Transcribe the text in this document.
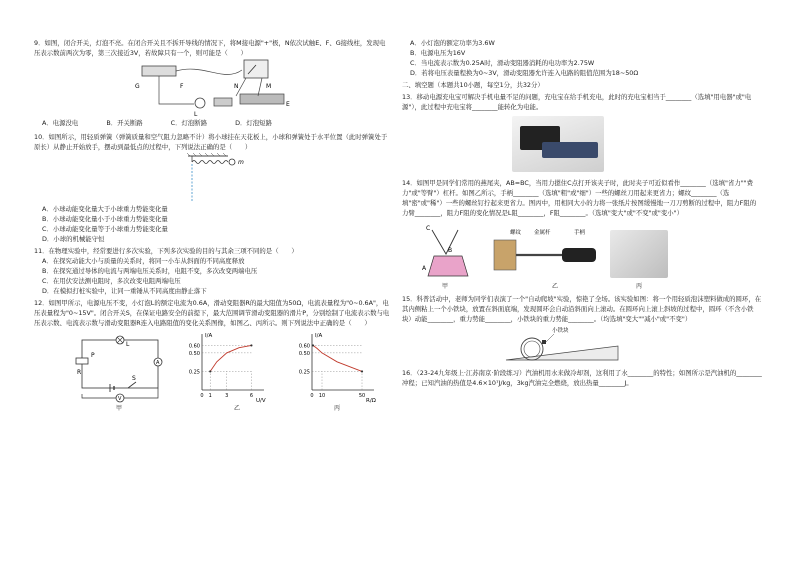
9．如图，闭合开关，灯泡不亮。在闭合开关且不拆开导线的情况下，将M接电源"+"极，N依次试触E、F、G接线柱，发现电压表示数前两次为零，第三次接近3V，若故障只有一个，则可能是（　　）

G	F
E
M
N
L
A．电源没电	B．开关断路	C．灯泡断路	D．灯泡短路

10．如图所示，用轻质弹簧（弹簧质量和空气阻力忽略不计）将小球挂在天花板上，小球和弹簧处于水平位置（此时弹簧处于原长）从静止开始放手，摆动到最低点的过程中，下列说法正确的是（　　）

m

A．小球动能变化量大于小球重力势能变化量

B．小球动能变化量小于小球重力势能变化量

C．小球动能变化量等于小球重力势能变化量

D．小球的机械能守恒

11．在物理实验中，经常要进行多次实验，下列多次实验的目的与其余三项不同的是（　　）

A．在探究动能大小与质量的关系时，将同一小车从斜面的不同高度释放

B．在探究通过导体的电流与两端电压关系时，电阻不变，多次改变两端电压

C．在用伏安法测电阻时，多次改变电阻两端电压

D．在模拟打桩实验中，让同一重锤从不同高度由静止落下

12．如图甲所示，电源电压不变，小灯泡L的额定电流为0.6A，滑动变阻器R的最大阻值为50Ω，电流表量程为"0~0.6A"，电压表量程为"0~15V"。闭合开关S，在保证电路安全的前提下，最大范围调节滑动变阻器的滑片P，分别绘制了电流表示数与电压表示数、电流表示数与滑动变阻器R连入电路阻值的变化关系图像，如图乙、丙所示。则下列说法中正确的是（　　）

L
P
R
S
A
V
甲
I/A
U/V
0.25
0.50
0.60
0 1	3	6
乙
I/A
R/Ω
0.25
0.50
0.60
0 10	50
丙

A．小灯泡的额定功率为3.6W

B．电源电压为16V

C．当电流表示数为0.25A时，滑动变阻器消耗的电功率为2.75W

D．若将电压表量程换为0~3V，滑动变阻器允许连入电路的阻值范围为18~50Ω

二、填空题（本题共10小题，每空1分，共32分）

13．移动电源充电宝可解决手机电量不足的问题，充电宝在给手机充电，此时的充电宝相当于________（选填"用电器"或"电源"），此过程中充电宝将________能转化为电能。

14．如图甲是同学们常用的燕尾夹，AB=BC，当用力摁住C点打开该夹子时，此时夹子可近似看作________（选填"省力""费力"或"等臂"）杠杆。如图乙所示，手柄________（选填"粗"或"细"）一些的螺丝刀用起来更省力；螺纹________（选填"密"或"稀"）一些的螺丝钉拧起来更省力。图丙中，用相同大小的力将一张纸片按图缓慢地一刀刀剪断的过程中，阻力F阻的力臂________，阻力F阻的变化情况是L阻________，F阻________。（选填"变大"或"不变"或"变小"）

C
B
A
螺纹 金属杆	手柄
甲	乙	丙

15．科普活动中，老师为同学们表演了一个"自动爬坡"实验，惊艳了全场。该实验如图：将一个用轻质泡沫塑料做成的圆环，在其内侧粘上一个小铁块，放置在斜面底端，发现圆环会自动沿斜面向上滚动。在圆环向上滚上斜坡的过程中，圆环（不含小铁块）动能________，重力势能________，小铁块的重力势能________。（均选填"变大""减小"或"不变"）

小铁块

16．（23-24九年级上·江苏南京·阶段练习）汽油机用水来做冷却剂，这利用了水________的特性；如图所示是汽油机的________冲程；已知汽油的热值是4.6×10⁷J/kg，3kg汽油完全燃烧，放出热量________J。
